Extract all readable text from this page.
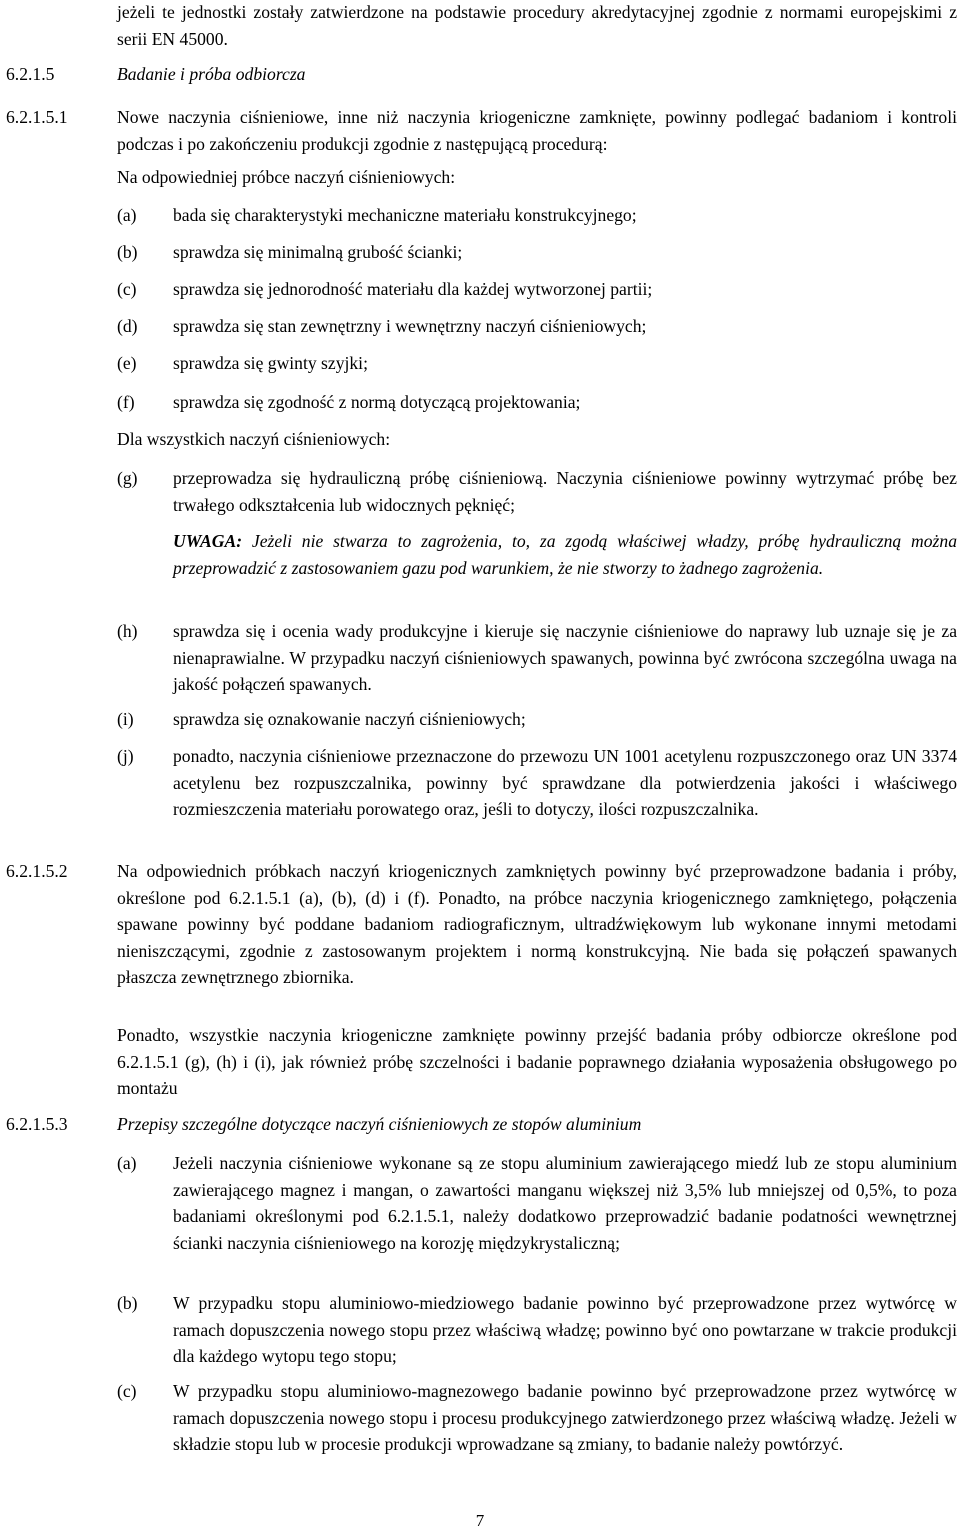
jeżeli te jednostki zostały zatwierdzone na podstawie procedury akredytacyjnej zgodnie z normami europejskimi z serii EN 45000.
6.2.1.5	Badanie i próba odbiorcza
6.2.1.5.1	Nowe naczynia ciśnieniowe, inne niż naczynia kriogeniczne zamknięte, powinny podlegać badaniom i kontroli podczas i po zakończeniu produkcji zgodnie z następującą procedurą:
Na odpowiedniej próbce naczyń ciśnieniowych:
(a)	bada się charakterystyki mechaniczne materiału konstrukcyjnego;
(b)	sprawdza się minimalną grubość ścianki;
(c)	sprawdza się jednorodność materiału dla każdej wytworzonej partii;
(d)	sprawdza się stan zewnętrzny i wewnętrzny naczyń ciśnieniowych;
(e)	sprawdza się gwinty szyjki;
(f)	sprawdza się zgodność z normą dotyczącą projektowania;
Dla wszystkich naczyń ciśnieniowych:
(g)	przeprowadza się hydrauliczną próbę ciśnieniową. Naczynia ciśnieniowe powinny wytrzymać próbę bez trwałego odkształcenia lub widocznych pęknięć;
UWAGA: Jeżeli nie stwarza to zagrożenia, to, za zgodą właściwej władzy, próbę hydrauliczną można przeprowadzić z zastosowaniem gazu pod warunkiem, że nie stworzy to żadnego zagrożenia.
(h)	sprawdza się i ocenia wady produkcyjne i kieruje się naczynie ciśnieniowe do naprawy lub uznaje się je za nienaprawialne. W przypadku naczyń ciśnieniowych spawanych, powinna być zwrócona szczególna uwaga na jakość połączeń spawanych.
(i)	sprawdza się oznakowanie naczyń ciśnieniowych;
(j)	ponadto, naczynia ciśnieniowe przeznaczone do przewozu UN 1001 acetylenu rozpuszczonego oraz UN 3374 acetylenu bez rozpuszczalnika, powinny być sprawdzane dla potwierdzenia jakości i właściwego rozmieszczenia materiału porowatego oraz, jeśli to dotyczy, ilości rozpuszczalnika.
6.2.1.5.2	Na odpowiednich próbkach naczyń kriogenicznych zamkniętych powinny być przeprowadzone badania i próby, określone pod 6.2.1.5.1 (a), (b), (d) i (f). Ponadto, na próbce naczynia kriogenicznego zamkniętego, połączenia spawane powinny być poddane badaniom radiograficznym, ultradźwiękowym lub wykonane innymi metodami nieniszczącymi, zgodnie z zastosowanym projektem i normą konstrukcyjną. Nie bada się połączeń spawanych płaszcza zewnętrznego zbiornika.
Ponadto, wszystkie naczynia kriogeniczne zamknięte powinny przejść badania próby odbiorcze określone pod 6.2.1.5.1 (g), (h) i (i), jak również próbę szczelności i badanie poprawnego działania wyposażenia obsługowego po montażu
6.2.1.5.3	Przepisy szczególne dotyczące naczyń ciśnieniowych ze stopów aluminium
(a)	Jeżeli naczynia ciśnieniowe wykonane są ze stopu aluminium zawierającego miedź lub ze stopu aluminium zawierającego magnez i mangan, o zawartości manganu większej niż 3,5% lub mniejszej od 0,5%, to poza badaniami określonymi pod 6.2.1.5.1, należy dodatkowo przeprowadzić badanie podatności wewnętrznej ścianki naczynia ciśnieniowego na korozję międzykrystaliczną;
(b)	W przypadku stopu aluminiowo-miedziowego badanie powinno być przeprowadzone przez wytwórcę w ramach dopuszczenia nowego stopu przez właściwą władzę; powinno być ono powtarzane w trakcie produkcji dla każdego wytopu tego stopu;
(c)	W przypadku stopu aluminiowo-magnezowego badanie powinno być przeprowadzone przez wytwórcę w ramach dopuszczenia nowego stopu i procesu produkcyjnego zatwierdzonego przez właściwą władzę. Jeżeli w składzie stopu lub w procesie produkcji wprowadzane są zmiany, to badanie należy powtórzyć.
7
